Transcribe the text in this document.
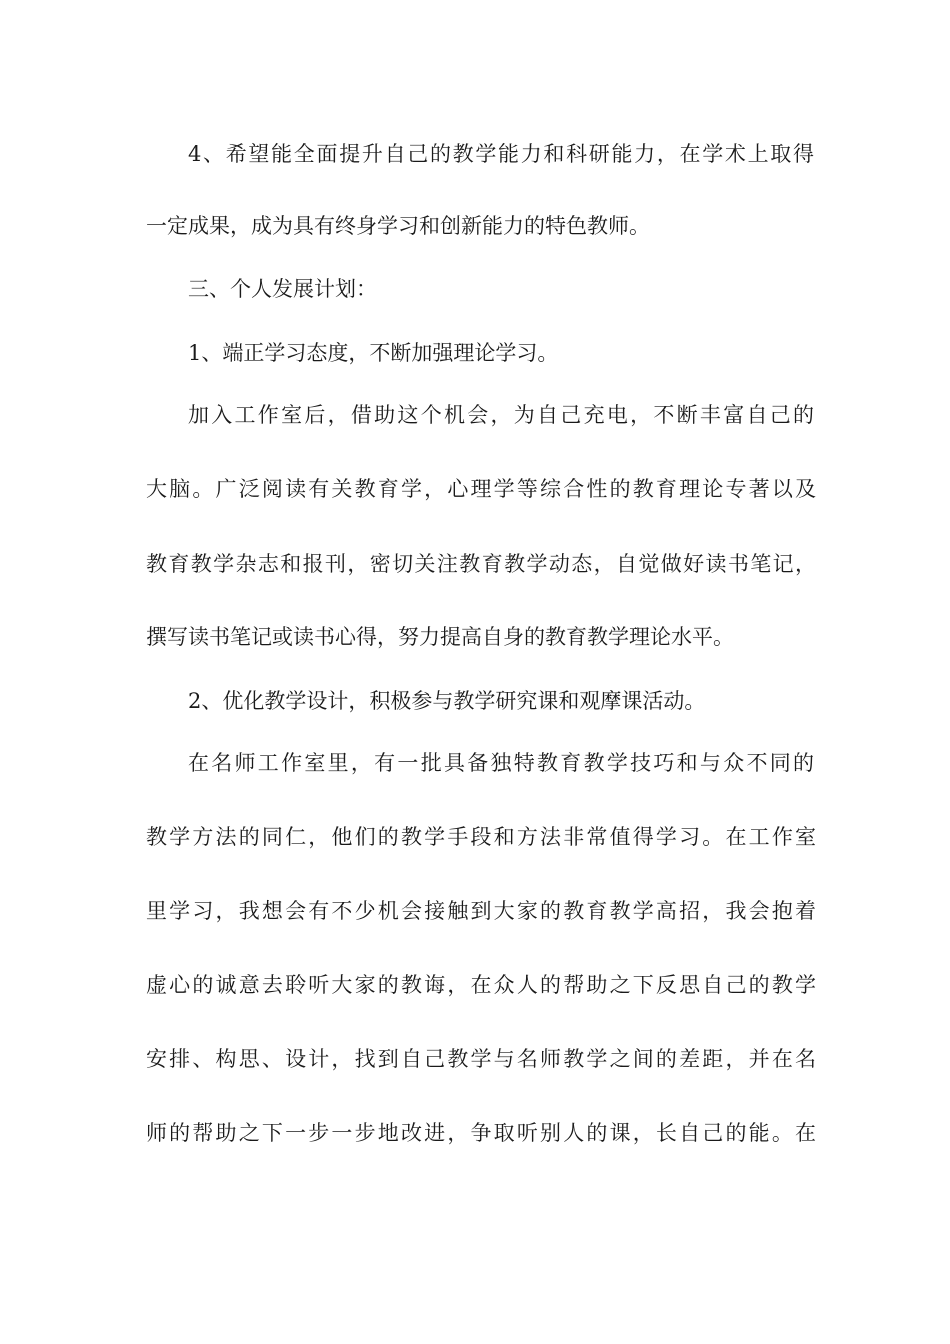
4、希望能全面提升自己的教学能力和科研能力，在学术上取得
一定成果，成为具有终身学习和创新能力的特色教师。
三、个人发展计划：
1、端正学习态度，不断加强理论学习。
加入工作室后，借助这个机会，为自己充电，不断丰富自己的
大脑。广泛阅读有关教育学，心理学等综合性的教育理论专著以及
教育教学杂志和报刊，密切关注教育教学动态，自觉做好读书笔记，
撰写读书笔记或读书心得，努力提高自身的教育教学理论水平。
2、优化教学设计，积极参与教学研究课和观摩课活动。
在名师工作室里，有一批具备独特教育教学技巧和与众不同的
教学方法的同仁，他们的教学手段和方法非常值得学习。在工作室
里学习，我想会有不少机会接触到大家的教育教学高招，我会抱着
虚心的诚意去聆听大家的教诲，在众人的帮助之下反思自己的教学
安排、构思、设计，找到自己教学与名师教学之间的差距，并在名
师的帮助之下一步一步地改进，争取听别人的课，长自己的能。在
